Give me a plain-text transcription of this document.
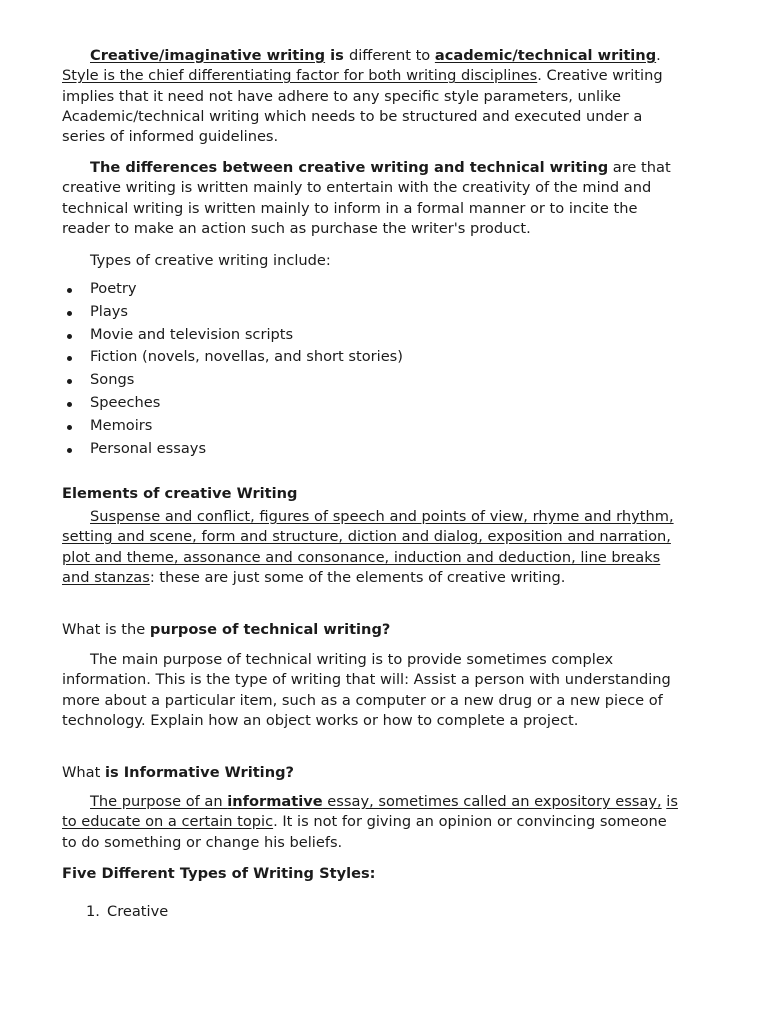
Creative/imaginative writing is different to academic/technical writing. Style is the chief differentiating factor for both writing disciplines. Creative writing implies that it need not have adhere to any specific style parameters, unlike Academic/technical writing which needs to be structured and executed under a series of informed guidelines.

The differences between creative writing and technical writing are that creative writing is written mainly to entertain with the creativity of the mind and technical writing is written mainly to inform in a formal manner or to incite the reader to make an action such as purchase the writer's product.

Types of creative writing include:

Poetry
Plays
Movie and television scripts
Fiction (novels, novellas, and short stories)
Songs
Speeches
Memoirs
Personal essays

Elements of creative Writing

Suspense and conflict, figures of speech and points of view, rhyme and rhythm, setting and scene, form and structure, diction and dialog, exposition and narration, plot and theme, assonance and consonance, induction and deduction, line breaks and stanzas: these are just some of the elements of creative writing.

What is the purpose of technical writing?

The main purpose of technical writing is to provide sometimes complex information. This is the type of writing that will: Assist a person with understanding more about a particular item, such as a computer or a new drug or a new piece of technology. Explain how an object works or how to complete a project.

What is Informative Writing?

The purpose of an informative essay, sometimes called an expository essay, is to educate on a certain topic. It is not for giving an opinion or convincing someone to do something or change his beliefs.

Five Different Types of Writing Styles:

1. Creative
